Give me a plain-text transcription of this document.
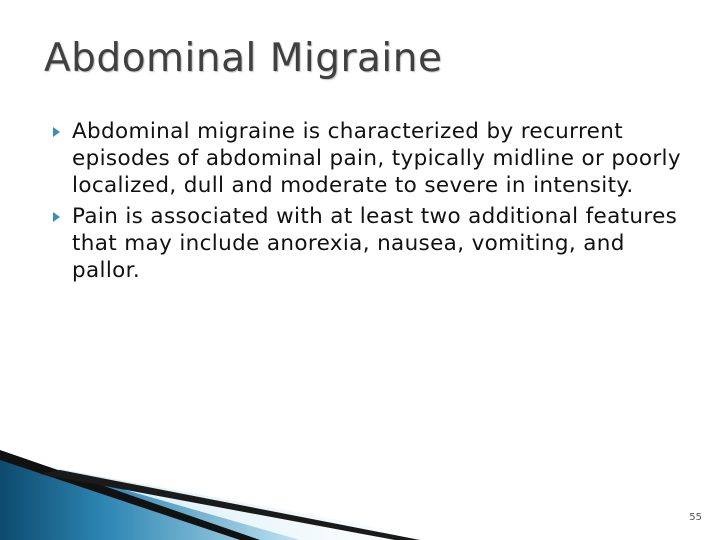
Abdominal Migraine
Abdominal migraine is characterized by recurrent episodes of abdominal pain, typically midline or poorly localized, dull and moderate to severe in intensity.
Pain is associated with at least two additional features that may include anorexia, nausea, vomiting, and pallor.
55
